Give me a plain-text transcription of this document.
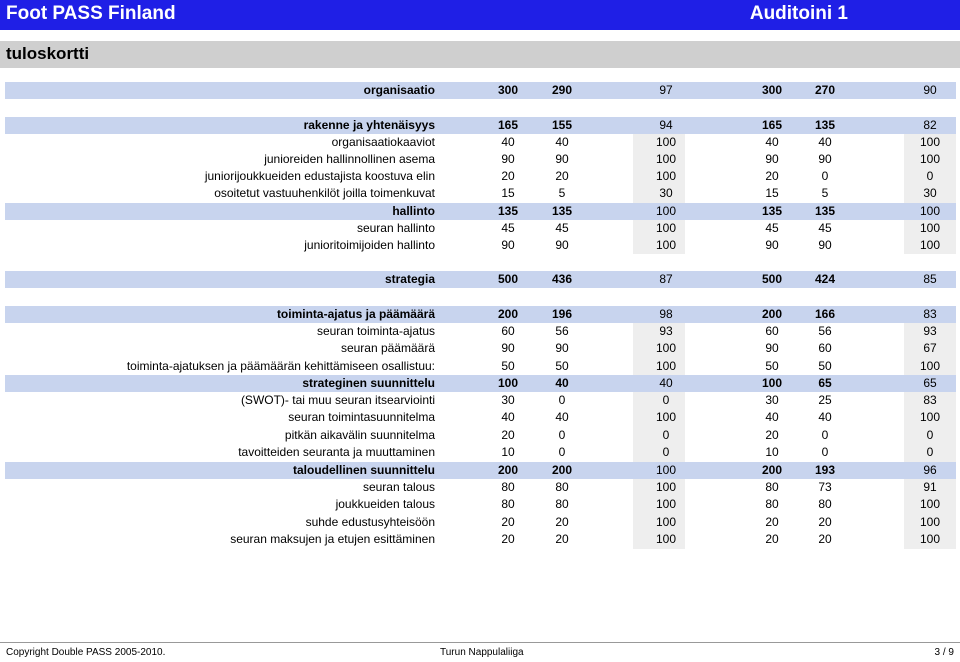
Foot PASS Finland	Auditoini 1
tuloskortti
organisaatio	300	290	97	300	270	90
rakenne ja yhtenäisyys	165	155	94	165	135	82
organisaatiokaaviot	40	40	100	40	40	100
junioreiden hallinnollinen asema	90	90	100	90	90	100
juniorijoukkueiden edustajista koostuva elin	20	20	100	20	0	0
osoitetut vastuuhenkilöt joilla toimenkuvat	15	5	30	15	5	30
hallinto	135	135	100	135	135	100
seuran hallinto	45	45	100	45	45	100
junioritoimijoiden hallinto	90	90	100	90	90	100
strategia	500	436	87	500	424	85
toiminta-ajatus ja päämäärä	200	196	98	200	166	83
seuran toiminta-ajatus	60	56	93	60	56	93
seuran päämäärä	90	90	100	90	60	67
toiminta-ajatuksen ja päämäärän kehittämiseen osallistuu:	50	50	100	50	50	100
strateginen suunnittelu	100	40	40	100	65	65
(SWOT)- tai muu seuran itsearviointi	30	0	0	30	25	83
seuran toimintasuunnitelma	40	40	100	40	40	100
pitkän aikavälin suunnitelma	20	0	0	20	0	0
tavoitteiden seuranta ja muuttaminen	10	0	0	10	0	0
taloudellinen suunnittelu	200	200	100	200	193	96
seuran talous	80	80	100	80	73	91
joukkueiden talous	80	80	100	80	80	100
suhde edustusyhteisöön	20	20	100	20	20	100
seuran maksujen ja etujen esittäminen	20	20	100	20	20	100
Copyright Double PASS 2005-2010.	Turun Nappulaliiga	3 / 9
